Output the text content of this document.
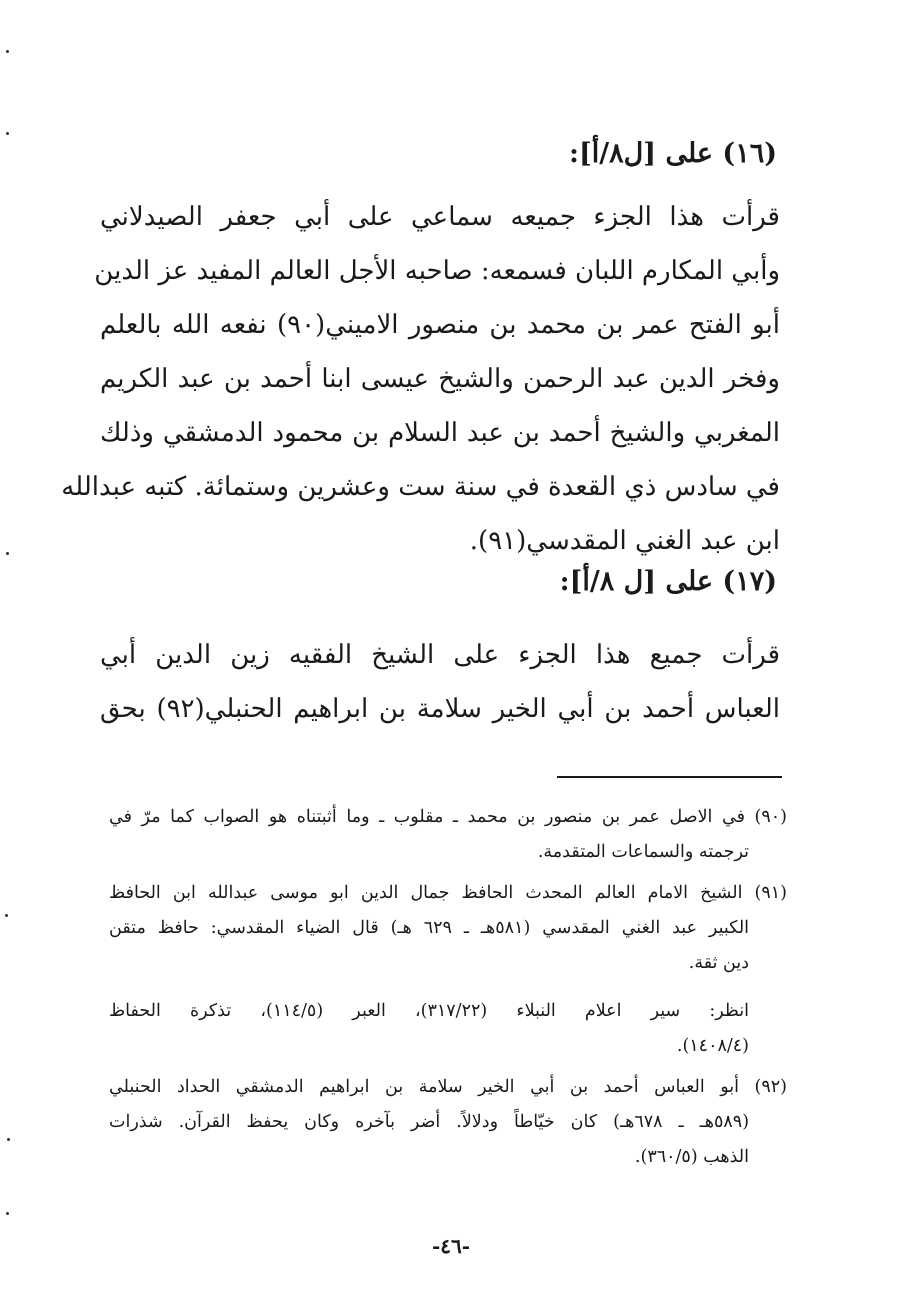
(١٦) على [ل٨/أ]:
قرأت هذا الجزء جميعه سماعي على أبي جعفر الصيدلاني
وأبي المكارم اللبان فسمعه: صاحبه الأجل العالم المفيد عز الدين
أبو الفتح عمر بن محمد بن منصور الاميني(٩٠) نفعه الله بالعلم
وفخر الدين عبد الرحمن والشيخ عيسى ابنا أحمد بن عبد الكريم
المغربي والشيخ أحمد بن عبد السلام بن محمود الدمشقي وذلك
في سادس ذي القعدة في سنة ست وعشرين وستمائة. كتبه عبدالله
ابن عبد الغني المقدسي(٩١).
(١٧) على [ل ٨/أ]:
قرأت جميع هذا الجزء على الشيخ الفقيه زين الدين أبي
العباس أحمد بن أبي الخير سلامة بن ابراهيم الحنبلي(٩٢) بحق
(٩٠) في الاصل عمر بن منصور بن محمد ـ مقلوب ـ وما أثبتناه هو الصواب كما مرّ في
ترجمته والسماعات المتقدمة.
(٩١) الشيخ الامام العالم المحدث الحافظ جمال الدين ابو موسى عبدالله ابن الحافظ
الكبير عبد الغني المقدسي (٥٨١هـ ـ ٦٢٩ هـ) قال الضياء المقدسي: حافظ متقن
دين ثقة.
انظر: سير اعلام النبلاء (٣١٧/٢٢)، العبر (١١٤/٥)، تذكرة الحفاظ
(١٤٠٨/٤).
(٩٢) أبو العباس أحمد بن أبي الخير سلامة بن ابراهيم الدمشقي الحداد الحنبلي
(٥٨٩هـ ـ ٦٧٨هـ) كان خيّاطاً ودلالاً. أضر بآخره وكان يحفظ القرآن. شذرات
الذهب (٣٦٠/٥).
-٤٦-
